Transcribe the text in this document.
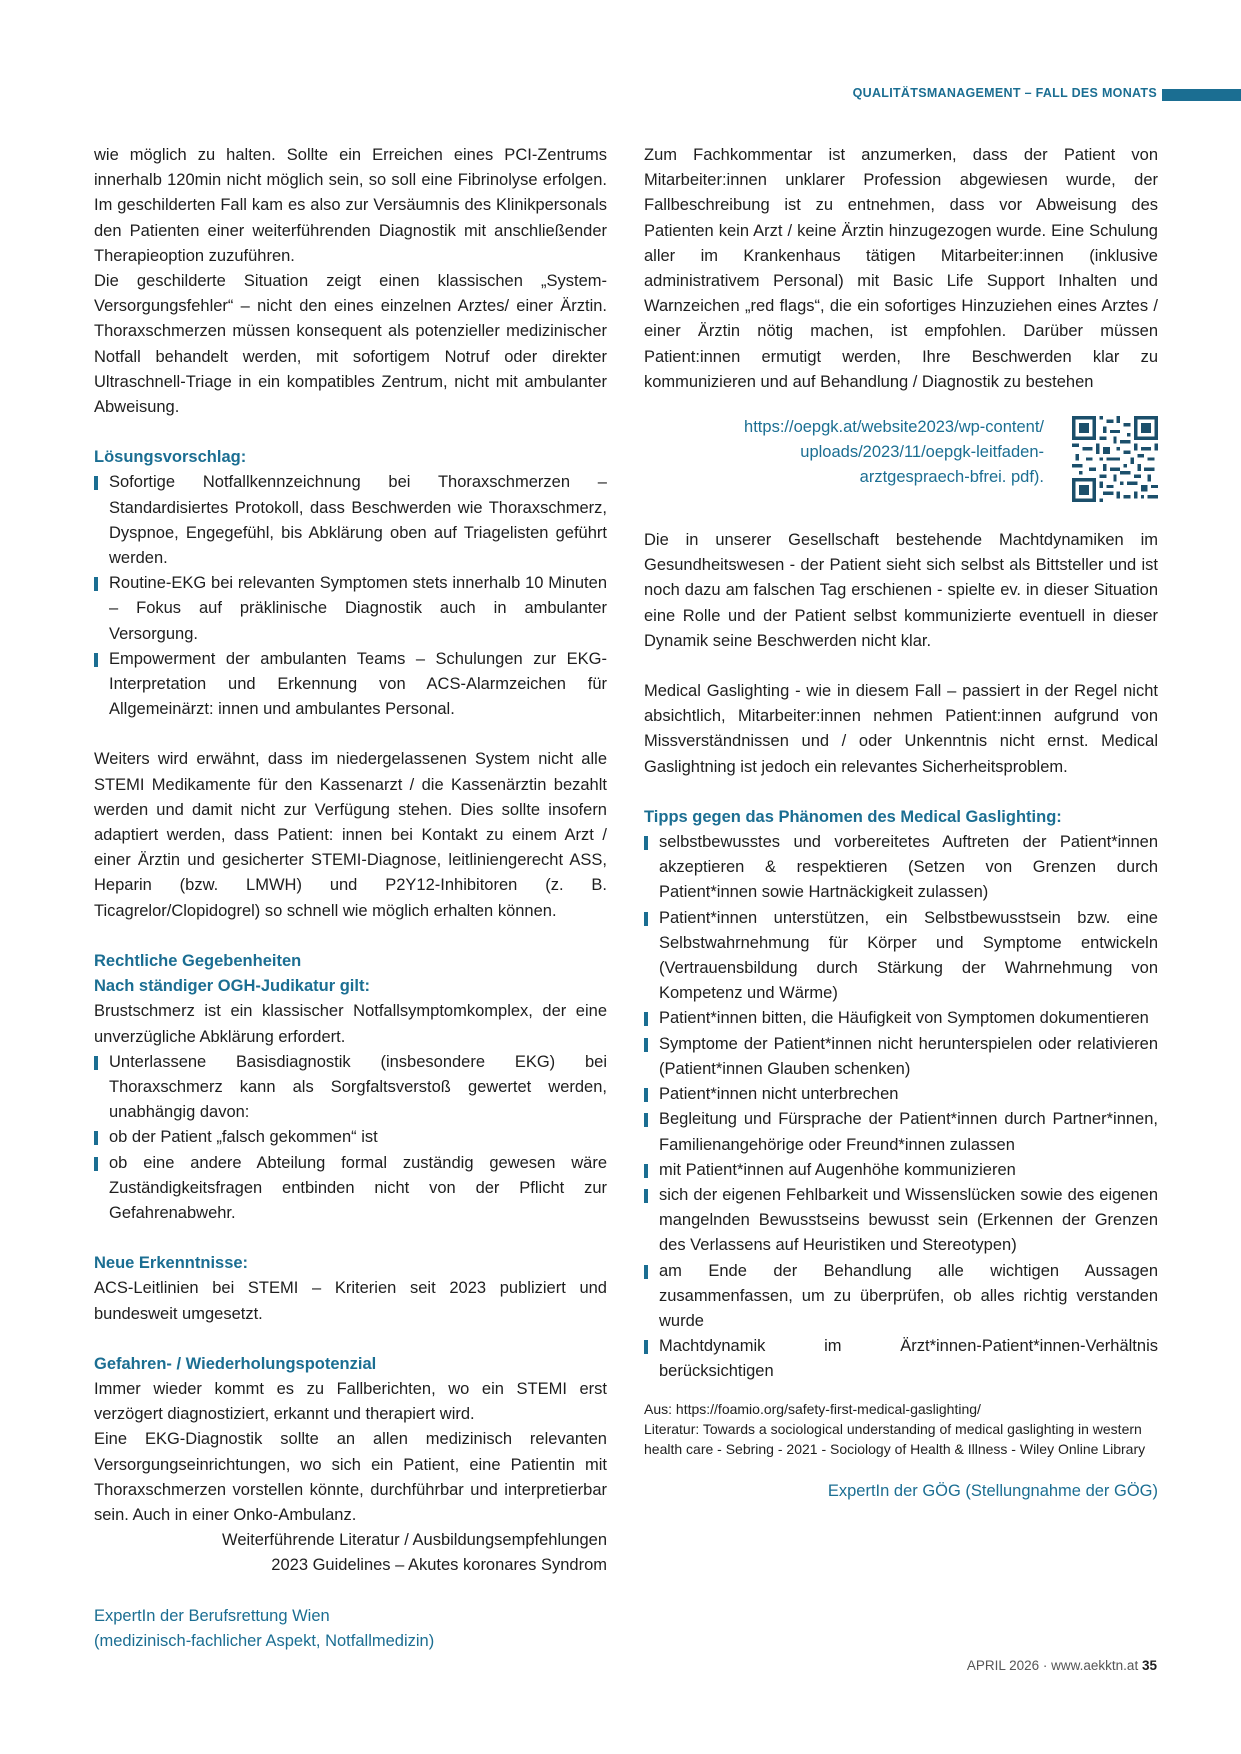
QUALITÄTSMANAGEMENT – FALL DES MONATS

wie möglich zu halten. Sollte ein Erreichen eines PCI-Zentrums innerhalb 120min nicht möglich sein, so soll eine Fibrinolyse erfolgen. Im geschilderten Fall kam es also zur Versäumnis des Klinikpersonals den Patienten einer weiterführenden Diagnostik mit anschließender Therapieoption zuzuführen.

Die geschilderte Situation zeigt einen klassischen „System-Versorgungsfehler“ – nicht den eines einzelnen Arztes/ einer Ärztin. Thoraxschmerzen müssen konsequent als potenzieller medizinischer Notfall behandelt werden, mit sofortigem Notruf oder direkter Ultraschnell-Triage in ein kompatibles Zentrum, nicht mit ambulanter Abweisung.

Lösungsvorschlag:

Sofortige Notfallkennzeichnung bei Thoraxschmerzen – Standardisiertes Protokoll, dass Beschwerden wie Thoraxschmerz, Dyspnoe, Engegefühl, bis Abklärung oben auf Triagelisten geführt werden.
Routine-EKG bei relevanten Symptomen stets innerhalb 10 Minuten – Fokus auf präklinische Diagnostik auch in ambulanter Versorgung.
Empowerment der ambulanten Teams – Schulungen zur EKG-Interpretation und Erkennung von ACS-Alarmzeichen für Allgemeinärzt: innen und ambulantes Personal.

Weiters wird erwähnt, dass im niedergelassenen System nicht alle STEMI Medikamente für den Kassenarzt / die Kassenärztin bezahlt werden und damit nicht zur Verfügung stehen. Dies sollte insofern adaptiert werden, dass Patient: innen bei Kontakt zu einem Arzt / einer Ärztin und gesicherter STEMI-Diagnose, leitliniengerecht ASS, Heparin (bzw. LMWH) und P2Y12-Inhibitoren (z. B. Ticagrelor/Clopidogrel) so schnell wie möglich erhalten können.

Rechtliche Gegebenheiten

Nach ständiger OGH-Judikatur gilt:

Brustschmerz ist ein klassischer Notfallsymptomkomplex, der eine unverzügliche Abklärung erfordert.

Unterlassene Basisdiagnostik (insbesondere EKG) bei Thoraxschmerz kann als Sorgfaltsverstoß gewertet werden, unabhängig davon:
ob der Patient „falsch gekommen“ ist
ob eine andere Abteilung formal zuständig gewesen wäre Zuständigkeitsfragen entbinden nicht von der Pflicht zur Gefahrenabwehr.

Neue Erkenntnisse:

ACS-Leitlinien bei STEMI – Kriterien seit 2023 publiziert und bundesweit umgesetzt.

Gefahren- / Wiederholungspotenzial

Immer wieder kommt es zu Fallberichten, wo ein STEMI erst verzögert diagnostiziert, erkannt und therapiert wird.

Eine EKG-Diagnostik sollte an allen medizinisch relevanten Versorgungseinrichtungen, wo sich ein Patient, eine Patientin mit Thoraxschmerzen vorstellen könnte, durchführbar und interpretierbar sein. Auch in einer Onko-Ambulanz.

Weiterführende Literatur / Ausbildungsempfehlungen

2023 Guidelines – Akutes koronares Syndrom

ExpertIn der Berufsrettung Wien

(medizinisch-fachlicher Aspekt, Notfallmedizin)

Zum Fachkommentar ist anzumerken, dass der Patient von Mitarbeiter:innen unklarer Profession abgewiesen wurde, der Fallbeschreibung ist zu entnehmen, dass vor Abweisung des Patienten kein Arzt / keine Ärztin hinzugezogen wurde. Eine Schulung aller im Krankenhaus tätigen Mitarbeiter:innen (inklusive administrativem Personal) mit Basic Life Support Inhalten und Warnzeichen „red flags“, die ein sofortiges Hinzuziehen eines Arztes / einer Ärztin nötig machen, ist empfohlen. Darüber müssen Patient:innen ermutigt werden, Ihre Beschwerden klar zu kommunizieren und auf Behandlung / Diagnostik zu bestehen

https://oepgk.at/website2023/wp-content/
uploads/2023/11/oepgk-leitfaden-
arztgespraech-bfrei. pdf).

Die in unserer Gesellschaft bestehende Machtdynamiken im Gesundheitswesen - der Patient sieht sich selbst als Bittsteller und ist noch dazu am falschen Tag erschienen - spielte ev. in dieser Situation eine Rolle und der Patient selbst kommunizierte eventuell in dieser Dynamik seine Beschwerden nicht klar.

Medical Gaslighting - wie in diesem Fall – passiert in der Regel nicht absichtlich, Mitarbeiter:innen nehmen Patient:innen aufgrund von Missverständnissen und / oder Unkenntnis nicht ernst. Medical Gaslightning ist jedoch ein relevantes Sicherheitsproblem.

Tipps gegen das Phänomen des Medical Gaslighting:

selbstbewusstes und vorbereitetes Auftreten der Patient*innen akzeptieren & respektieren (Setzen von Grenzen durch Patient*innen sowie Hartnäckigkeit zulassen)
Patient*innen unterstützen, ein Selbstbewusstsein bzw. eine Selbstwahrnehmung für Körper und Symptome entwickeln (Vertrauensbildung durch Stärkung der Wahrnehmung von Kompetenz und Wärme)
Patient*innen bitten, die Häufigkeit von Symptomen dokumentieren
Symptome der Patient*innen nicht herunterspielen oder relativieren (Patient*innen Glauben schenken)
Patient*innen nicht unterbrechen
Begleitung und Fürsprache der Patient*innen durch Partner*innen, Familienangehörige oder Freund*innen zulassen
mit Patient*innen auf Augenhöhe kommunizieren
sich der eigenen Fehlbarkeit und Wissenslücken sowie des eigenen mangelnden Bewusstseins bewusst sein (Erkennen der Grenzen des Verlassens auf Heuristiken und Stereotypen)
am Ende der Behandlung alle wichtigen Aussagen zusammenfassen, um zu überprüfen, ob alles richtig verstanden wurde
Machtdynamik im Ärzt*innen-Patient*innen-Verhältnis berücksichtigen

Aus: https://foamio.org/safety-first-medical-gaslighting/

Literatur: Towards a sociological understanding of medical gaslighting in western health care - Sebring - 2021 - Sociology of Health & Illness - Wiley Online Library

ExpertIn der GÖG (Stellungnahme der GÖG)

APRIL 2026 · www.aekktn.at 35
